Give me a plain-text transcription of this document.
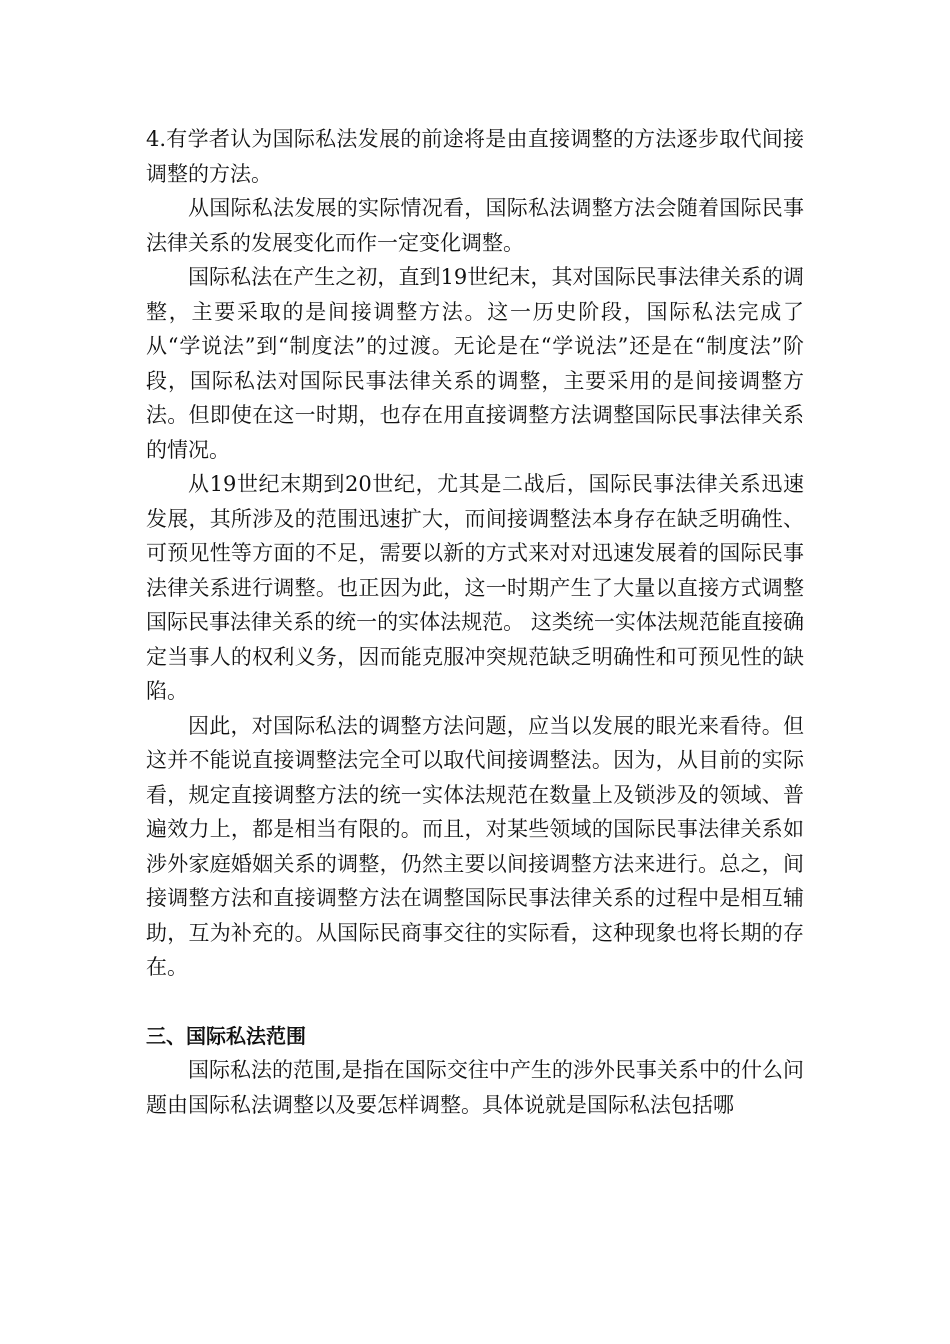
4.有学者认为国际私法发展的前途将是由直接调整的方法逐步取代间接调整的方法。

从国际私法发展的实际情况看，国际私法调整方法会随着国际民事法律关系的发展变化而作一定变化调整。

国际私法在产生之初，直到19世纪末，其对国际民事法律关系的调整，主要采取的是间接调整方法。这一历史阶段，国际私法完成了从“学说法”到“制度法”的过渡。无论是在“学说法”还是在“制度法”阶段，国际私法对国际民事法律关系的调整，主要采用的是间接调整方法。但即使在这一时期，也存在用直接调整方法调整国际民事法律关系的情况。

从19世纪末期到20世纪，尤其是二战后，国际民事法律关系迅速发展，其所涉及的范围迅速扩大，而间接调整法本身存在缺乏明确性、可预见性等方面的不足，需要以新的方式来对对迅速发展着的国际民事法律关系进行调整。也正因为此，这一时期产生了大量以直接方式调整国际民事法律关系的统一的实体法规范。 这类统一实体法规范能直接确定当事人的权利义务，因而能克服冲突规范缺乏明确性和可预见性的缺陷。

因此，对国际私法的调整方法问题，应当以发展的眼光来看待。但这并不能说直接调整法完全可以取代间接调整法。因为，从目前的实际看，规定直接调整方法的统一实体法规范在数量上及锁涉及的领域、普遍效力上，都是相当有限的。而且，对某些领域的国际民事法律关系如涉外家庭婚姻关系的调整，仍然主要以间接调整方法来进行。总之，间接调整方法和直接调整方法在调整国际民事法律关系的过程中是相互辅助，互为补充的。从国际民商事交往的实际看，这种现象也将长期的存在。

三、国际私法范围

国际私法的范围,是指在国际交往中产生的涉外民事关系中的什么问题由国际私法调整以及要怎样调整。具体说就是国际私法包括哪
